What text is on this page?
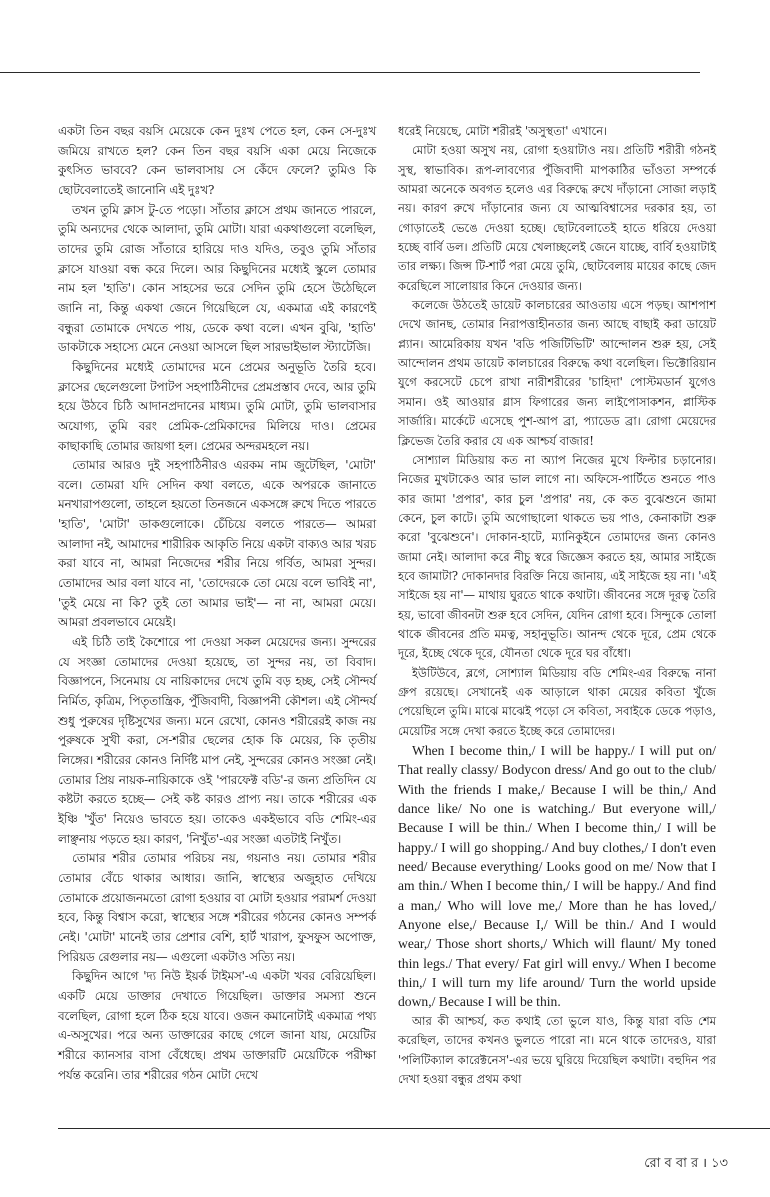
একটা তিন বছর বয়সি মেয়েকে কেন দুঃখ পেতে হল, কেন সে-দুঃখ জমিয়ে রাখতে হল? কেন তিন বছর বয়সি একা মেয়ে নিজেকে কুৎসিত ভাববে? কেন ভালবাসায় সে কেঁদে ফেলে? তুমিও কি ছোটবেলাতেই জানোনি এই দুঃখ?

তখন তুমি ক্লাস টু-তে পড়ো। সাঁতার ক্লাসে প্রথম জানতে পারলে, তুমি অন্যদের থেকে আলাদা, তুমি মোটা। যারা একথাগুলো বলেছিল, তাদের তুমি রোজ সাঁতারে হারিয়ে দাও যদিও, তবুও তুমি সাঁতার ক্লাসে যাওয়া বন্ধ করে দিলে। আর কিছুদিনের মধ্যেই স্কুলে তোমার নাম হল 'হাতি'। কোন সাহসের ভরে সেদিন তুমি হেসে উঠেছিলে জানি না, কিন্তু একথা জেনে গিয়েছিলে যে, একমাত্র এই কারণেই বন্ধুরা তোমাকে দেখতে পায়, ডেকে কথা বলে। এখন বুঝি, 'হাতি' ডাকটাকে সহাস্যে মেনে নেওয়া আসলে ছিল সারভাইভাল স্ট্যাটেজি।

কিছুদিনের মধ্যেই তোমাদের মনে প্রেমের অনুভূতি তৈরি হবে। ক্লাসের ছেলেগুলো টপাটপ সহপাঠিনীদের প্রেমপ্রস্তাব দেবে, আর তুমি হয়ে উঠবে চিঠি আদানপ্রদানের মাধ্যম। তুমি মোটা, তুমি ভালবাসার অযোগ্য, তুমি বরং প্রেমিক-প্রেমিকাদের মিলিয়ে দাও। প্রেমের কাছাকাছি তোমার জায়গা হল। প্রেমের অন্দরমহলে নয়।

তোমার আরও দুই সহপাঠিনীরও এরকম নাম জুটেছিল, 'মোটা' বলে। তোমরা যদি সেদিন কথা বলতে, একে অপরকে জানাতে মনখারাপগুলো, তাহলে হয়তো তিনজনে একসঙ্গে রুখে দিতে পারতে 'হাতি', 'মোটা' ডাকগুলোকে। চেঁচিয়ে বলতে পারতে— আমরা আলাদা নই, আমাদের শারীরিক আকৃতি নিয়ে একটা বাক্যও আর খরচ করা যাবে না, আমরা নিজেদের শরীর নিয়ে গর্বিত, আমরা সুন্দর। তোমাদের আর বলা যাবে না, 'তোদেরকে তো মেয়ে বলে ভাবিই না', 'তুই মেয়ে না কি? তুই তো আমার ভাই'— না না, আমরা মেয়ে। আমরা প্রবলভাবে মেয়েই।

এই চিঠি তাই কৈশোরে পা দেওয়া সকল মেয়েদের জন্য। সুন্দরের যে সংজ্ঞা তোমাদের দেওয়া হয়েছে, তা সুন্দর নয়, তা বিবাদ। বিজ্ঞাপনে, সিনেমায় যে নায়িকাদের দেখে তুমি বড় হচ্ছ, সেই সৌন্দর্য নির্মিত, কৃত্রিম, পিতৃতান্ত্রিক, পুঁজিবাদী, বিজ্ঞাপনী কৌশল। এই সৌন্দর্য শুধু পুরুষের দৃষ্টিসুখের জন্য। মনে রেখো, কোনও শরীরেরই কাজ নয় পুরুষকে সুখী করা, সে-শরীর ছেলের হোক কি মেয়ের, কি তৃতীয় লিঙ্গের। শরীরের কোনও নির্দিষ্ট মাপ নেই, সুন্দরের কোনও সংজ্ঞা নেই। তোমার প্রিয় নায়ক-নায়িকাকে ওই 'পারফেক্ট বডি'-র জন্য প্রতিদিন যে কষ্টটা করতে হচ্ছে— সেই কষ্ট কারও প্রাপ্য নয়। তাকে শরীরের এক ইঞ্চি 'খুঁত' নিয়েও ভাবতে হয়। তাকেও একইভাবে বডি শেমিং-এর লাঞ্ছনায় পড়তে হয়। কারণ, 'নিখুঁত'-এর সংজ্ঞা এতটাই নিখুঁত।

তোমার শরীর তোমার পরিচয় নয়, গয়নাও নয়। তোমার শরীর তোমার বেঁচে থাকার আধার। জানি, স্বাস্থ্যের অজুহাত দেখিয়ে তোমাকে প্রয়োজনমতো রোগা হওয়ার বা মোটা হওয়ার পরামর্শ দেওয়া হবে, কিন্তু বিশ্বাস করো, স্বাস্থ্যের সঙ্গে শরীরের গঠনের কোনও সম্পর্ক নেই। 'মোটা' মানেই তার প্রেশার বেশি, হার্ট খারাপ, ফুসফুস অপোক্ত, পিরিয়ড রেগুলার নয়— এগুলো একটাও সত্যি নয়।

কিছুদিন আগে 'দ্য নিউ ইয়র্ক টাইমস'-এ একটা খবর বেরিয়েছিল। একটি মেয়ে ডাক্তার দেখাতে গিয়েছিল। ডাক্তার সমস্যা শুনে বলেছিল, রোগা হলে ঠিক হয়ে যাবে। ওজন কমানোটাই একমাত্র পথ্য এ-অসুখের। পরে অন্য ডাক্তারের কাছে গেলে জানা যায়, মেয়েটির শরীরে ক্যানসার বাসা বেঁধেছে। প্রথম ডাক্তারটি মেয়েটিকে পরীক্ষা পর্যন্ত করেনি। তার শরীরের গঠন মোটা দেখে

ধরেই নিয়েছে, মোটা শরীরই 'অসুস্থতা' এখানে।

মোটা হওয়া অসুখ নয়, রোগা হওয়াটাও নয়। প্রতিটি শরীরী গঠনই সুস্থ, স্বাভাবিক। রূপ-লাবণ্যের পুঁজিবাদী মাপকাঠির ভাঁওতা সম্পর্কে আমরা অনেকে অবগত হলেও এর বিরুদ্ধে রুখে দাঁড়ানো সোজা লড়াই নয়। কারণ রুখে দাঁড়ানোর জন্য যে আত্মবিশ্বাসের দরকার হয়, তা গোড়াতেই ভেঙে দেওয়া হচ্ছে। ছোটবেলাতেই হাতে ধরিয়ে দেওয়া হচ্ছে বার্বি ডল। প্রতিটি মেয়ে খেলাচ্ছলেই জেনে যাচ্ছে, বার্বি হওয়াটাই তার লক্ষ্য। জিন্স টি-শার্ট পরা মেয়ে তুমি, ছোটবেলায় মায়ের কাছে জেদ করেছিলে সালোয়ার কিনে দেওয়ার জন্য।

কলেজে উঠতেই ডায়েট কালচারের আওতায় এসে পড়ছ। আশপাশ দেখে জানছ, তোমার নিরাপত্তাহীনতার জন্য আছে বাছাই করা ডায়েট প্ল্যান। আমেরিকায় যখন 'বডি পজিটিভিটি' আন্দোলন শুরু হয়, সেই আন্দোলন প্রথম ডায়েট কালচারের বিরুদ্ধে কথা বলেছিল। ভিক্টোরিয়ান যুগে করসেটে চেপে রাখা নারীশরীরের 'চাহিদা' পোস্টমডার্ন যুগেও সমান। ওই আওয়ার গ্লাস ফিগারের জন্য লাইপোসাকশন, প্লাস্টিক সার্জারি। মার্কেটে এসেছে পুশ-আপ ব্রা, প্যাডেড ব্রা। রোগা মেয়েদের ক্লিভেজ তৈরি করার যে এক আশ্চর্য বাজার!

সোশ্যাল মিডিয়ায় কত না অ্যাপ নিজের মুখে ফিল্টার চড়ানোর। নিজের মুখটাকেও আর ভাল লাগে না। অফিসে-পার্টিতে শুনতে পাও কার জামা 'প্রপার', কার চুল 'প্রপার' নয়, কে কত বুঝেশুনে জামা কেনে, চুল কাটে। তুমি অগোছালো থাকতে ভয় পাও, কেনাকাটা শুরু করো 'বুঝেশুনে'। দোকান-হাটে, ম্যানিকুইনে তোমাদের জন্য কোনও জামা নেই। আলাদা করে নীচু স্বরে জিজ্ঞেস করতে হয়, আমার সাইজে হবে জামাটা? দোকানদার বিরক্তি নিয়ে জানায়, এই সাইজে হয় না। 'এই সাইজে হয় না'— মাথায় ঘুরতে থাকে কথাটা। জীবনের সঙ্গে দূরত্ব তৈরি হয়, ভাবো জীবনটা শুরু হবে সেদিন, যেদিন রোগা হবে। সিন্দুকে তোলা থাকে জীবনের প্রতি মমত্ব, সহানুভূতি। আনন্দ থেকে দূরে, প্রেম থেকে দূরে, ইচ্ছে থেকে দূরে, যৌনতা থেকে দূরে ঘর বাঁধো।

ইউটিউবে, ব্লগে, সোশ্যাল মিডিয়ায় বডি শেমিং-এর বিরুদ্ধে নানা গ্রুপ রয়েছে। সেখানেই এক আড়ালে থাকা মেয়ের কবিতা খুঁজে পেয়েছিলে তুমি। মাঝে মাঝেই পড়ো সে কবিতা, সবাইকে ডেকে পড়াও, মেয়েটির সঙ্গে দেখা করতে ইচ্ছে করে তোমাদের।

When I become thin,/ I will be happy./ I will put on/ That really classy/ Bodycon dress/ And go out to the club/ With the friends I make,/ Because I will be thin,/ And dance like/ No one is watching./ But everyone will,/ Because I will be thin./ When I become thin,/ I will be happy./ I will go shopping./ And buy clothes,/ I don't even need/ Because everything/ Looks good on me/ Now that I am thin./ When I become thin,/ I will be happy./ And find a man,/ Who will love me,/ More than he has loved,/ Anyone else,/ Because I,/ Will be thin./ And I would wear,/ Those short shorts,/ Which will flaunt/ My toned thin legs./ That every/ Fat girl will envy./ When I become thin,/ I will turn my life around/ Turn the world upside down,/ Because I will be thin.

আর কী আশ্চর্য, কত কথাই তো ভুলে যাও, কিন্তু যারা বডি শেম করেছিল, তাদের কখনও ভুলতে পারো না। মনে থাকে তাদেরও, যারা 'পলিটিক্যাল কারেক্টনেস'-এর ভয়ে ঘুরিয়ে দিয়েছিল কথাটা। বহুদিন পর দেখা হওয়া বন্ধুর প্রথম কথা

রো ব বা র । ১৩
